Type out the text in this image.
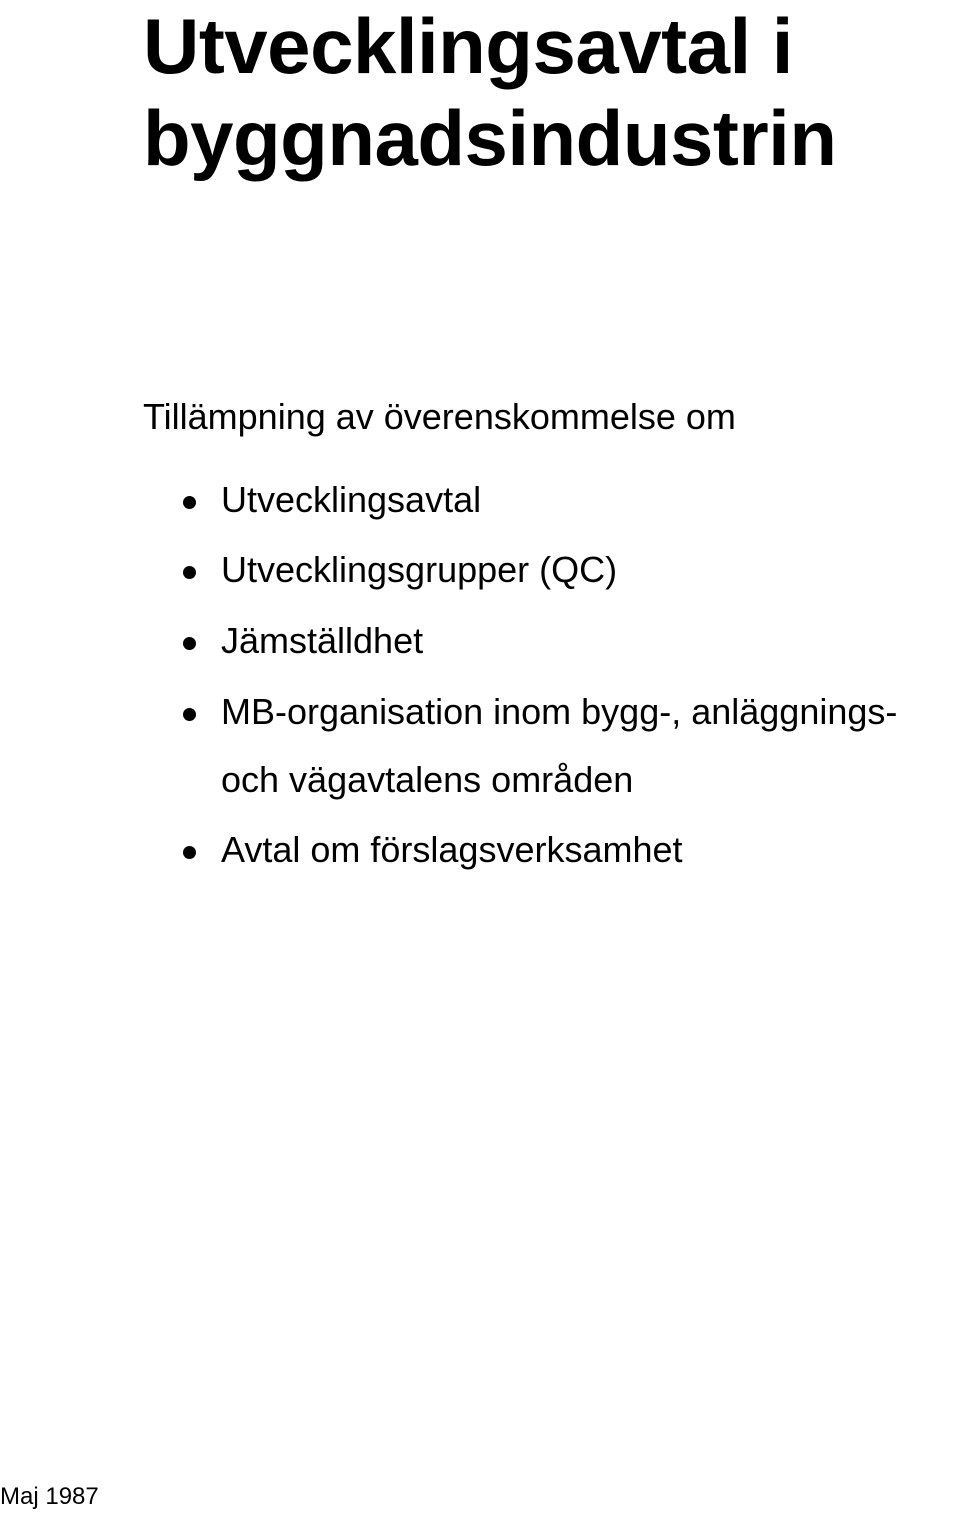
Utvecklingsavtal i
byggnadsindustrin

Tillämpning av överenskommelse om

Utvecklingsavtal
Utvecklingsgrupper (QC)
Jämställdhet
MB-organisation inom bygg-, anläggnings-
och vägavtalens områden
Avtal om förslagsverksamhet

Maj 1987
